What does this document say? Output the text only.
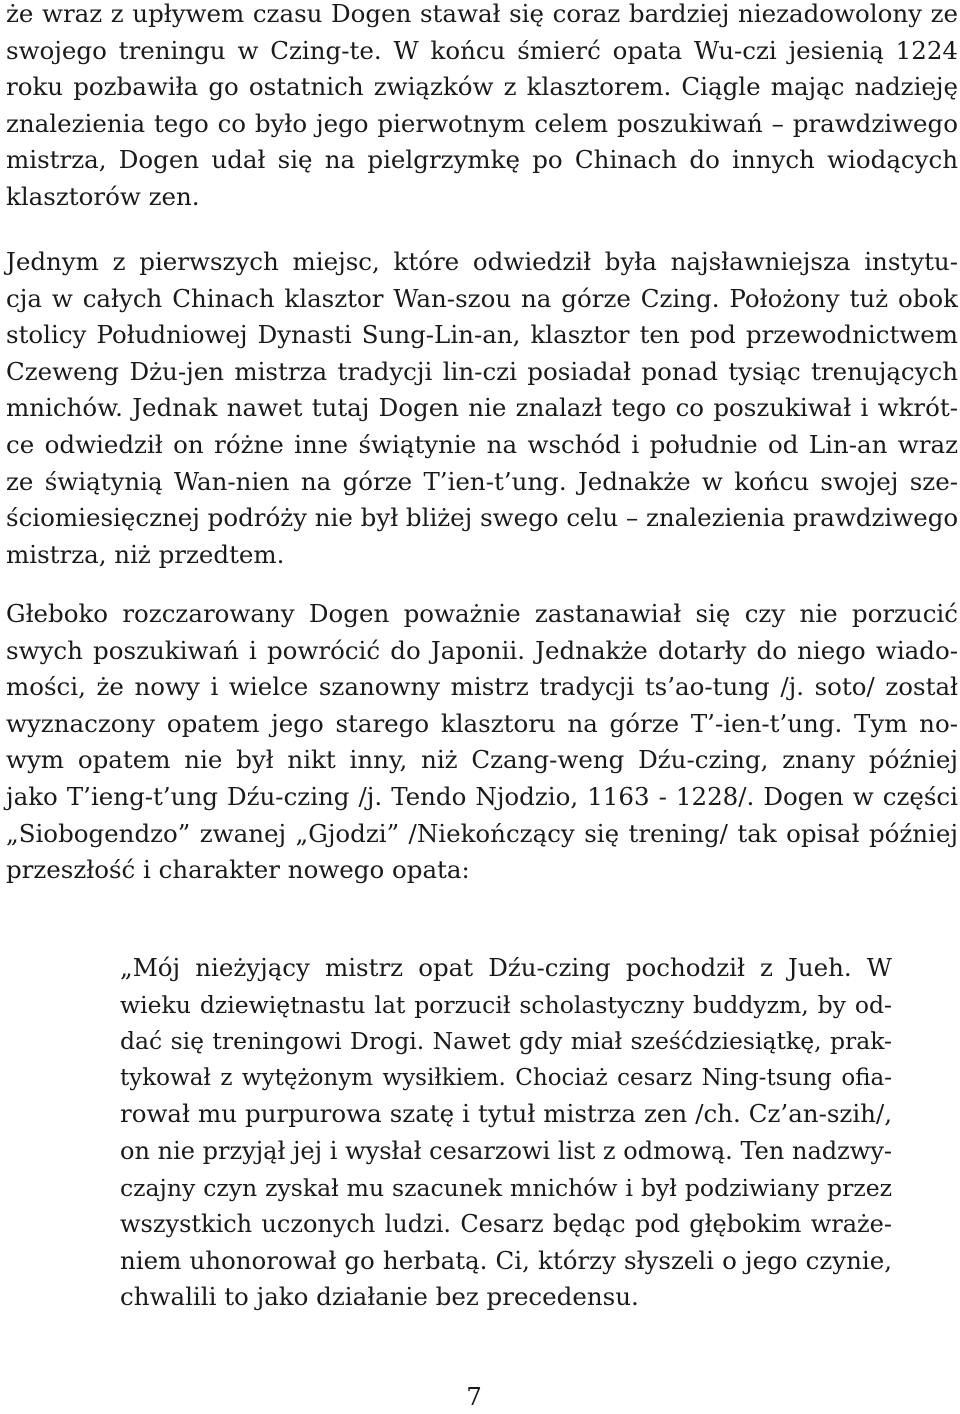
że wraz z upływem czasu Dogen stawał się coraz bardziej niezadowolony ze
swojego treningu w Czing-te. W końcu śmierć opata Wu-czi jesienią 1224
roku pozbawiła go ostatnich związków z klasztorem. Ciągle mając nadzieję
znalezienia tego co było jego pierwotnym celem poszukiwań – prawdziwego
mistrza, Dogen udał się na pielgrzymkę po Chinach do innych wiodących
klasztorów zen.
Jednym z pierwszych miejsc, które odwiedził była najsławniejsza instytu-
cja w całych Chinach klasztor Wan-szou na górze Czing. Położony tuż obok
stolicy Południowej Dynasti Sung-Lin-an, klasztor ten pod przewodnictwem
Czeweng Dżu-jen mistrza tradycji lin-czi posiadał ponad tysiąc trenujących
mnichów. Jednak nawet tutaj Dogen nie znalazł tego co poszukiwał i wkrót-
ce odwiedził on różne inne świątynie na wschód i południe od Lin-an wraz
ze świątynią Wan-nien na górze T’ien-t’ung. Jednakże w końcu swojej sze-
ściomiesięcznej podróży nie był bliżej swego celu – znalezienia prawdziwego
mistrza, niż przedtem.
Głeboko rozczarowany Dogen poważnie zastanawiał się czy nie porzucić
swych poszukiwań i powrócić do Japonii. Jednakże dotarły do niego wiado-
mości, że nowy i wielce szanowny mistrz tradycji ts’ao-tung /j. soto/ został
wyznaczony opatem jego starego klasztoru na górze T’-ien-t’ung. Tym no-
wym opatem nie był nikt inny, niż Czang-weng Dźu-czing, znany później
jako T’ieng-t’ung Dźu-czing /j. Tendo Njodzio, 1163 - 1228/. Dogen w części
„Siobogendzo” zwanej „Gjodzi” /Niekończący się trening/ tak opisał później
przeszłość i charakter nowego opata:
„Mój nieżyjący mistrz opat Dźu-czing pochodził z Jueh. W
wieku dziewiętnastu lat porzucił scholastyczny buddyzm, by od-
dać się treningowi Drogi. Nawet gdy miał sześćdziesiątkę, prak-
tykował z wytężonym wysiłkiem. Chociaż cesarz Ning-tsung ofia-
rował mu purpurowa szatę i tytuł mistrza zen /ch. Cz’an-szih/,
on nie przyjął jej i wysłał cesarzowi list z odmową. Ten nadzwy-
czajny czyn zyskał mu szacunek mnichów i był podziwiany przez
wszystkich uczonych ludzi. Cesarz będąc pod głębokim wraże-
niem uhonorował go herbatą. Ci, którzy słyszeli o jego czynie,
chwalili to jako działanie bez precedensu.
7
